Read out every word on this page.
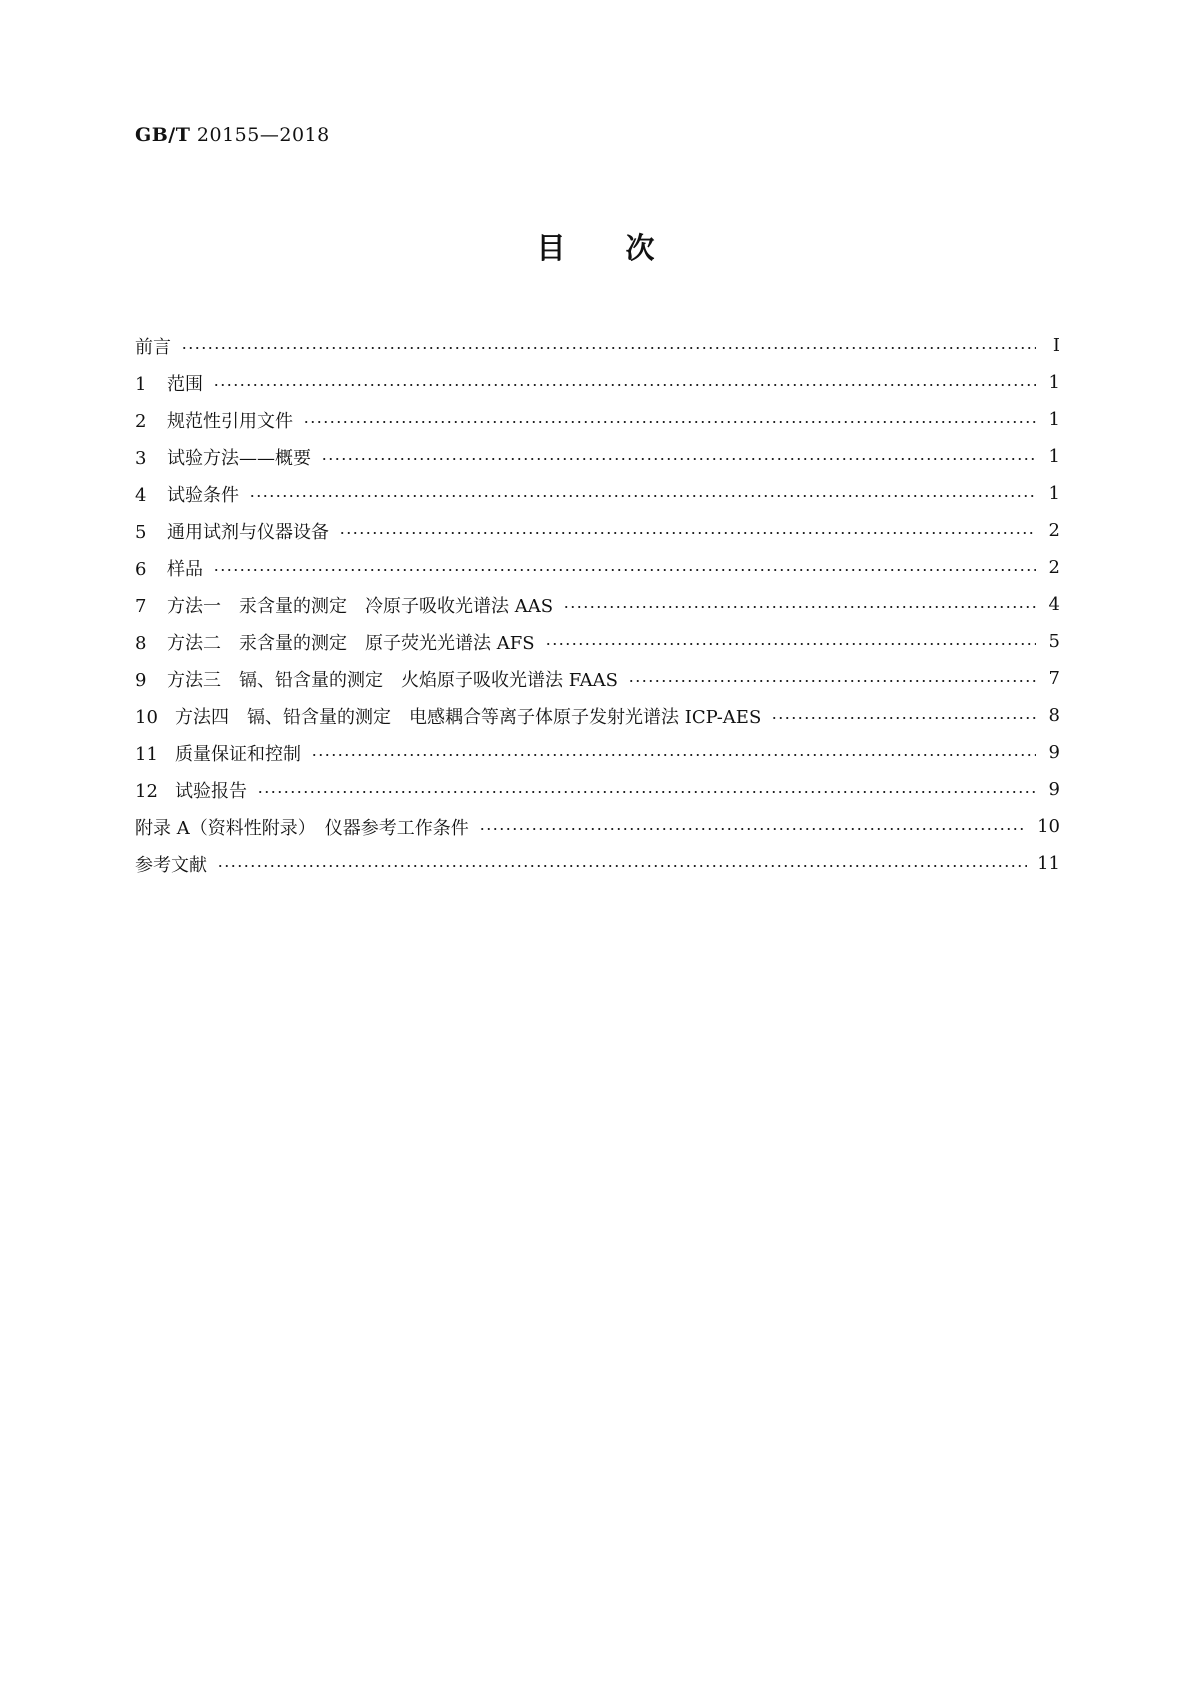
GB/T 20155—2018
目次
前言	Ⅰ
1 范围	1
2 规范性引用文件	1
3 试验方法——概要	1
4 试验条件	1
5 通用试剂与仪器设备	2
6 样品	2
7 方法一　汞含量的测定　冷原子吸收光谱法 AAS	4
8 方法二　汞含量的测定　原子荧光光谱法 AFS	5
9 方法三　镉、铅含量的测定　火焰原子吸收光谱法 FAAS	7
10 方法四　镉、铅含量的测定　电感耦合等离子体原子发射光谱法 ICP-AES	8
11 质量保证和控制	9
12 试验报告	9
附录 A（资料性附录）　仪器参考工作条件	10
参考文献	11
